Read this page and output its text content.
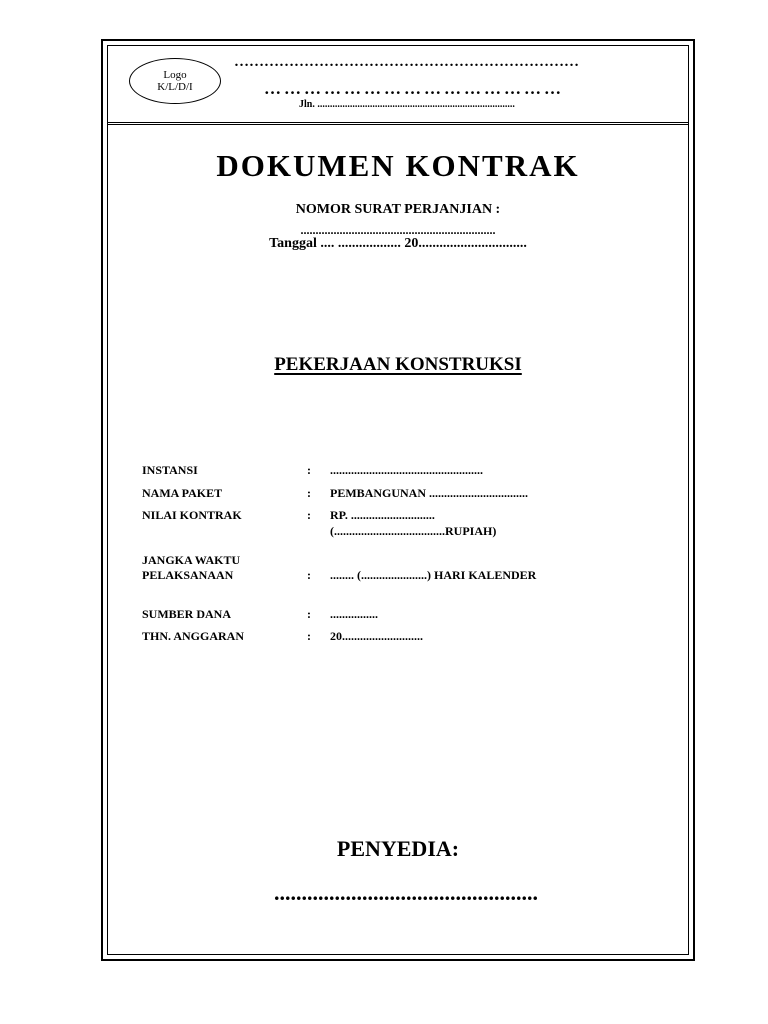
Logo
K/L/D/I
……………………………………………………………
………………………………………
Jln. ...............................................................................
DOKUMEN KONTRAK
NOMOR SURAT PERJANJIAN :
.................................................................
Tanggal .... .................. 20...............................
PEKERJAAN KONSTRUKSI
INSTANSI	: ...................................................
NAMA PAKET	: PEMBANGUNAN .................................
NILAI KONTRAK	: RP. ............................
(.....................................RUPIAH)
JANGKA WAKTU
PELAKSANAAN	: ........ (......................) HARI KALENDER
SUMBER DANA	: ................
THN. ANGGARAN	: 20...........................
PENYEDIA:
................................................
